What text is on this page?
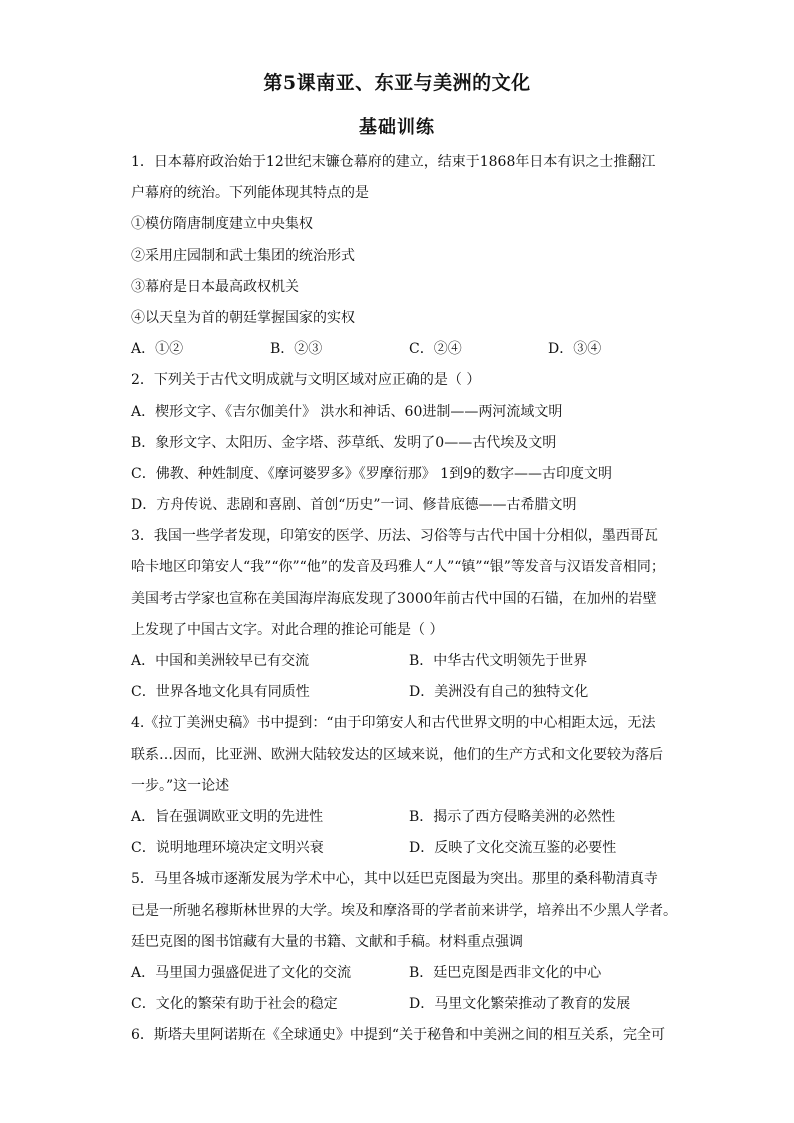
第5课南亚、东亚与美洲的文化
基础训练
1．日本幕府政治始于12世纪末镰仓幕府的建立，结束于1868年日本有识之士推翻江
户幕府的统治。下列能体现其特点的是
①模仿隋唐制度建立中央集权
②采用庄园制和武士集团的统治形式
③幕府是日本最高政权机关
④以天皇为首的朝廷掌握国家的实权
A．①②	B．②③	C．②④	D．③④
2．下列关于古代文明成就与文明区域对应正确的是（ ）
A．楔形文字、《吉尔伽美什》 洪水和神话、60进制——两河流域文明
B．象形文字、太阳历、金字塔、莎草纸、发明了0——古代埃及文明
C．佛教、种姓制度、《摩诃婆罗多》《罗摩衍那》 1到9的数字——古印度文明
D．方舟传说、悲剧和喜剧、首创“历史”一词、修昔底德——古希腊文明
3．我国一些学者发现，印第安的医学、历法、习俗等与古代中国十分相似，墨西哥瓦
哈卡地区印第安人“我”“你”“他”的发音及玛雅人“人”“镇”“银”等发音与汉语发音相同；
美国考古学家也宣称在美国海岸海底发现了3000年前古代中国的石锚，在加州的岩壁
上发现了中国古文字。对此合理的推论可能是（ ）
A．中国和美洲较早已有交流	B．中华古代文明领先于世界
C．世界各地文化具有同质性	D．美洲没有自己的独特文化
4.《拉丁美洲史稿》书中提到：“由于印第安人和古代世界文明的中心相距太远，无法
联系…因而，比亚洲、欧洲大陆较发达的区域来说，他们的生产方式和文化要较为落后
一步。”这一论述
A．旨在强调欧亚文明的先进性	B．揭示了西方侵略美洲的必然性
C．说明地理环境决定文明兴衰	D．反映了文化交流互鉴的必要性
5．马里各城市逐渐发展为学术中心，其中以廷巴克图最为突出。那里的桑科勒清真寺
已是一所驰名穆斯林世界的大学。埃及和摩洛哥的学者前来讲学，培养出不少黑人学者。
廷巴克图的图书馆藏有大量的书籍、文献和手稿。材料重点强调
A．马里国力强盛促进了文化的交流	B．廷巴克图是西非文化的中心
C．文化的繁荣有助于社会的稳定	D．马里文化繁荣推动了教育的发展
6．斯塔夫里阿诺斯在《全球通史》中提到“关于秘鲁和中美洲之间的相互关系，完全可
